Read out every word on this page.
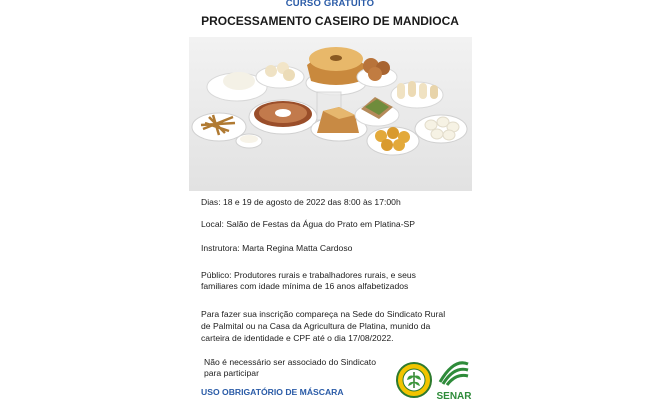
CURSO GRATUITO
PROCESSAMENTO CASEIRO DE MANDIOCA
Dias: 18 e 19 de agosto de 2022 das 8:00 às 17:00h
Local: Salão de Festas da Água do Prato em Platina-SP
Instrutora: Marta Regina Matta Cardoso
Público: Produtores rurais e trabalhadores rurais, e seus
familiares com idade mínima de 16 anos alfabetizados
Para fazer sua inscrição compareça na Sede do Sindicato Rural
de Palmital ou na Casa da Agricultura de Platina, munido da
carteira de identidade e CPF até o dia 17/08/2022.
Não é necessário ser associado do Sindicato
para participar
USO OBRIGATÓRIO DE MÁSCARA	SENAR
